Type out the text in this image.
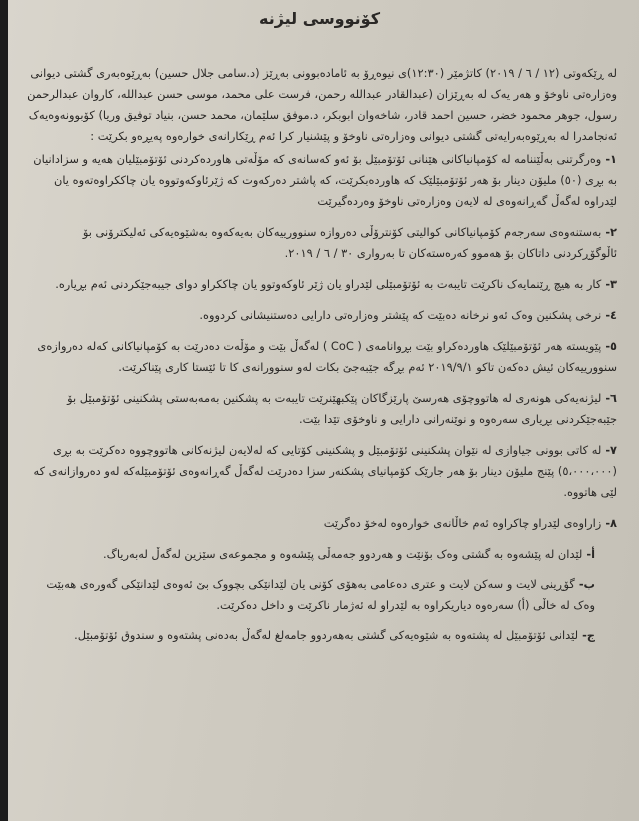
کۆنووسی لیژنە

لە ڕێکەوتی (١٢ / ٦ / ٢٠١٩) کاتژمێر (١٢:٣٠)ی نیوەڕۆ بە ئامادەبوونی بەڕێز (د.سامی جلال حسین) بەڕێوەبەری گشتی دیوانی وەزارەتی ناوخۆ و هەر یەک لە بەڕێزان (عبدالقادر عبدالله رحمن، فرست علی محمد، موسی حسن عبدالله، کاروان عبدالرحمن رسول، جوهر محمود خضر، حسین احمد قادر، شاخەوان ابوبکر، د.موفق سلێمان، محمد حسن، بنیاد توفیق وریا) کۆبوونەوەیەک ئەنجامدرا لە بەڕێوەبەرایەتی گشتی دیوانی وەزارەتی ناوخۆ و پێشنیار کرا ئەم ڕێکارانەی خوارەوە پەیڕەو بکرێت :

١-وەرگرتنی بەڵێننامە لە کۆمپانیاکانی هێنانی ئۆتۆمبێل بۆ ئەو کەسانەی کە مۆڵەتی هاوردەکردنی ئۆتۆمبێلیان هەیە و سزادانیان بە بڕی (٥٠) ملیۆن دینار بۆ هەر ئۆتۆمبێلێک کە هاوردەبکرێت، کە پاشتر دەرکەوت کە ژێرئاوکەوتووە یان چاککراوەتەوە یان لێدراوە لەگەڵ گەڕانەوەی لە لایەن وەزارەتی ناوخۆ وەردەگیرێت
٢-بەستنەوەی سەرجەم کۆمپانیاکانی کوالیتی کۆنترۆڵی دەروازە سنوورییەکان بەیەکەوە بەشێوەیەکی ئەلیکترۆنی بۆ ئاڵوگۆڕکردنی داتاکان بۆ هەموو کەرەستەکان تا بەرواری ٣٠ / ٦ / ٢٠١٩.
٣-کار بە هیچ ڕێنمایەک ناکرێت تایبەت بە ئۆتۆمبێلی لێدراو یان ژێر ئاوکەوتوو یان چاککراو دوای جیبەجێکردنی ئەم بڕیارە.
٤-نرخی پشکنین وەک ئەو نرخانە دەبێت کە پێشتر وەزارەتی دارایی دەستنیشانی کردووە.
٥-پێویستە هەر ئۆتۆمبێلێک هاوردەکراو بێت بڕوانامەی ( CoC ) لەگەڵ بێت و مۆڵەت دەدرێت بە کۆمپانیاکانی کەلە دەروازەی سنوورییەکان ئیش دەکەن تاکو ٢٠١٩/٩/١ ئەم بڕگە جێبەجێ بکات لەو سنوورانەی کا تا ئێستا کاری پێناکرێت.
٦-لیژنەیەکی هونەری لە هاتووچۆی هەرسێ پارێزگاکان پێکبهێنرێت تایبەت بە پشکنین بەمەبەستی پشکنینی ئۆتۆمبێل بۆ جێبەجێکردنی بڕیاری سەرەوە و نوێنەرانی دارایی و ناوخۆی تێدا بێت.
٧-لە کاتی بوونی جیاوازی لە نێوان پشکنینی ئۆتۆمبێل و پشکنینی کۆتایی کە لەلایەن لیژنەکانی هاتووچووە دەکرێت بە بڕی (٥،٠٠٠،٠٠٠) پێنج ملیۆن دینار بۆ هەر جارێک کۆمپانیای پشکنەر سزا دەدرێت لەگەڵ گەڕانەوەی ئۆتۆمبێلەکە لەو دەروازانەی کە لێی هاتووە.
٨-زاراوەی لێدراو چاکراوە ئەم خاڵانەی خوارەوە لەخۆ دەگرێت
أ-لێدان لە پێشەوە بە گشتی وەک بۆنێت و هەردوو جەمەڵی پێشەوە و مجموعەی سێزین لەگەڵ لەبەریاگ.
ب-گۆڕینی لایت و سەکن لایت و عتری دەعامی بەهۆی کۆنی یان لێدانێکی بچووک بێ ئەوەی لێدانێکی گەورەی هەبێت وەک لە خاڵی (أ) سەرەوە دیاریکراوە بە لێدراو لە ئەژمار ناکرێت و داخل دەکرێت.
ج-لێدانی ئۆتۆمبێل لە پشتەوە بە شێوەیەکی گشتی بەهەردوو جامەلغ لەگەڵ بەدەنی پشتەوە و سندوق ئۆتۆمبێل.
